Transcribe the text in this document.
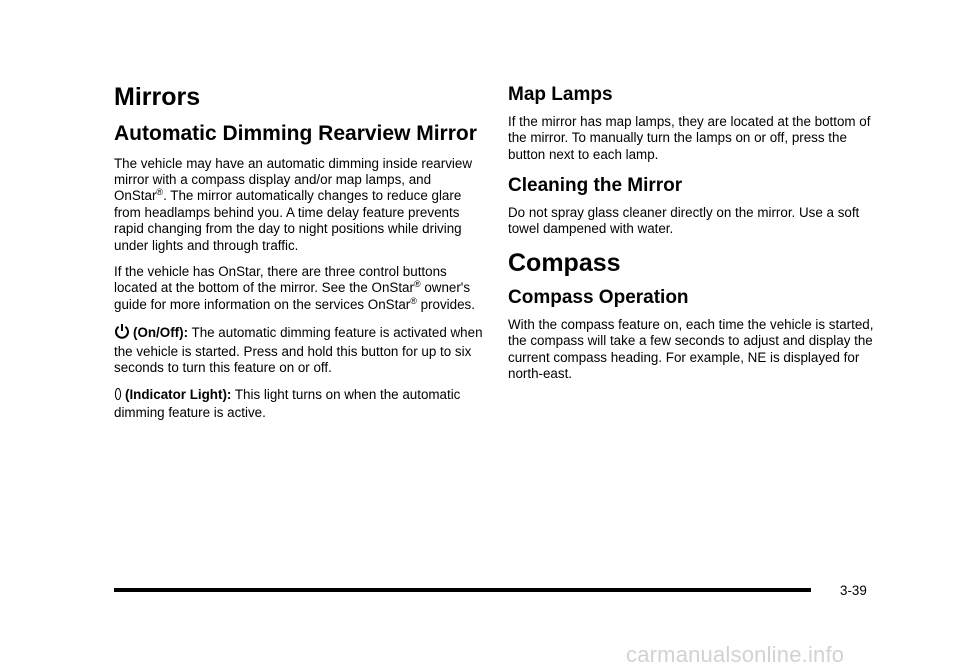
Mirrors
Automatic Dimming Rearview Mirror

The vehicle may have an automatic dimming inside rearview mirror with a compass display and/or map lamps, and OnStar®. The mirror automatically changes to reduce glare from headlamps behind you. A time delay feature prevents rapid changing from the day to night positions while driving under lights and through traffic.

If the vehicle has OnStar, there are three control buttons located at the bottom of the mirror. See the OnStar® owner's guide for more information on the services OnStar® provides.

(On/Off): The automatic dimming feature is activated when the vehicle is started. Press and hold this button for up to six seconds to turn this feature on or off.

(Indicator Light): This light turns on when the automatic dimming feature is active.

Map Lamps

If the mirror has map lamps, they are located at the bottom of the mirror. To manually turn the lamps on or off, press the button next to each lamp.

Cleaning the Mirror

Do not spray glass cleaner directly on the mirror. Use a soft towel dampened with water.

Compass
Compass Operation

With the compass feature on, each time the vehicle is started, the compass will take a few seconds to adjust and display the current compass heading. For example, NE is displayed for north-east.

3-39
carmanualsonline.info
